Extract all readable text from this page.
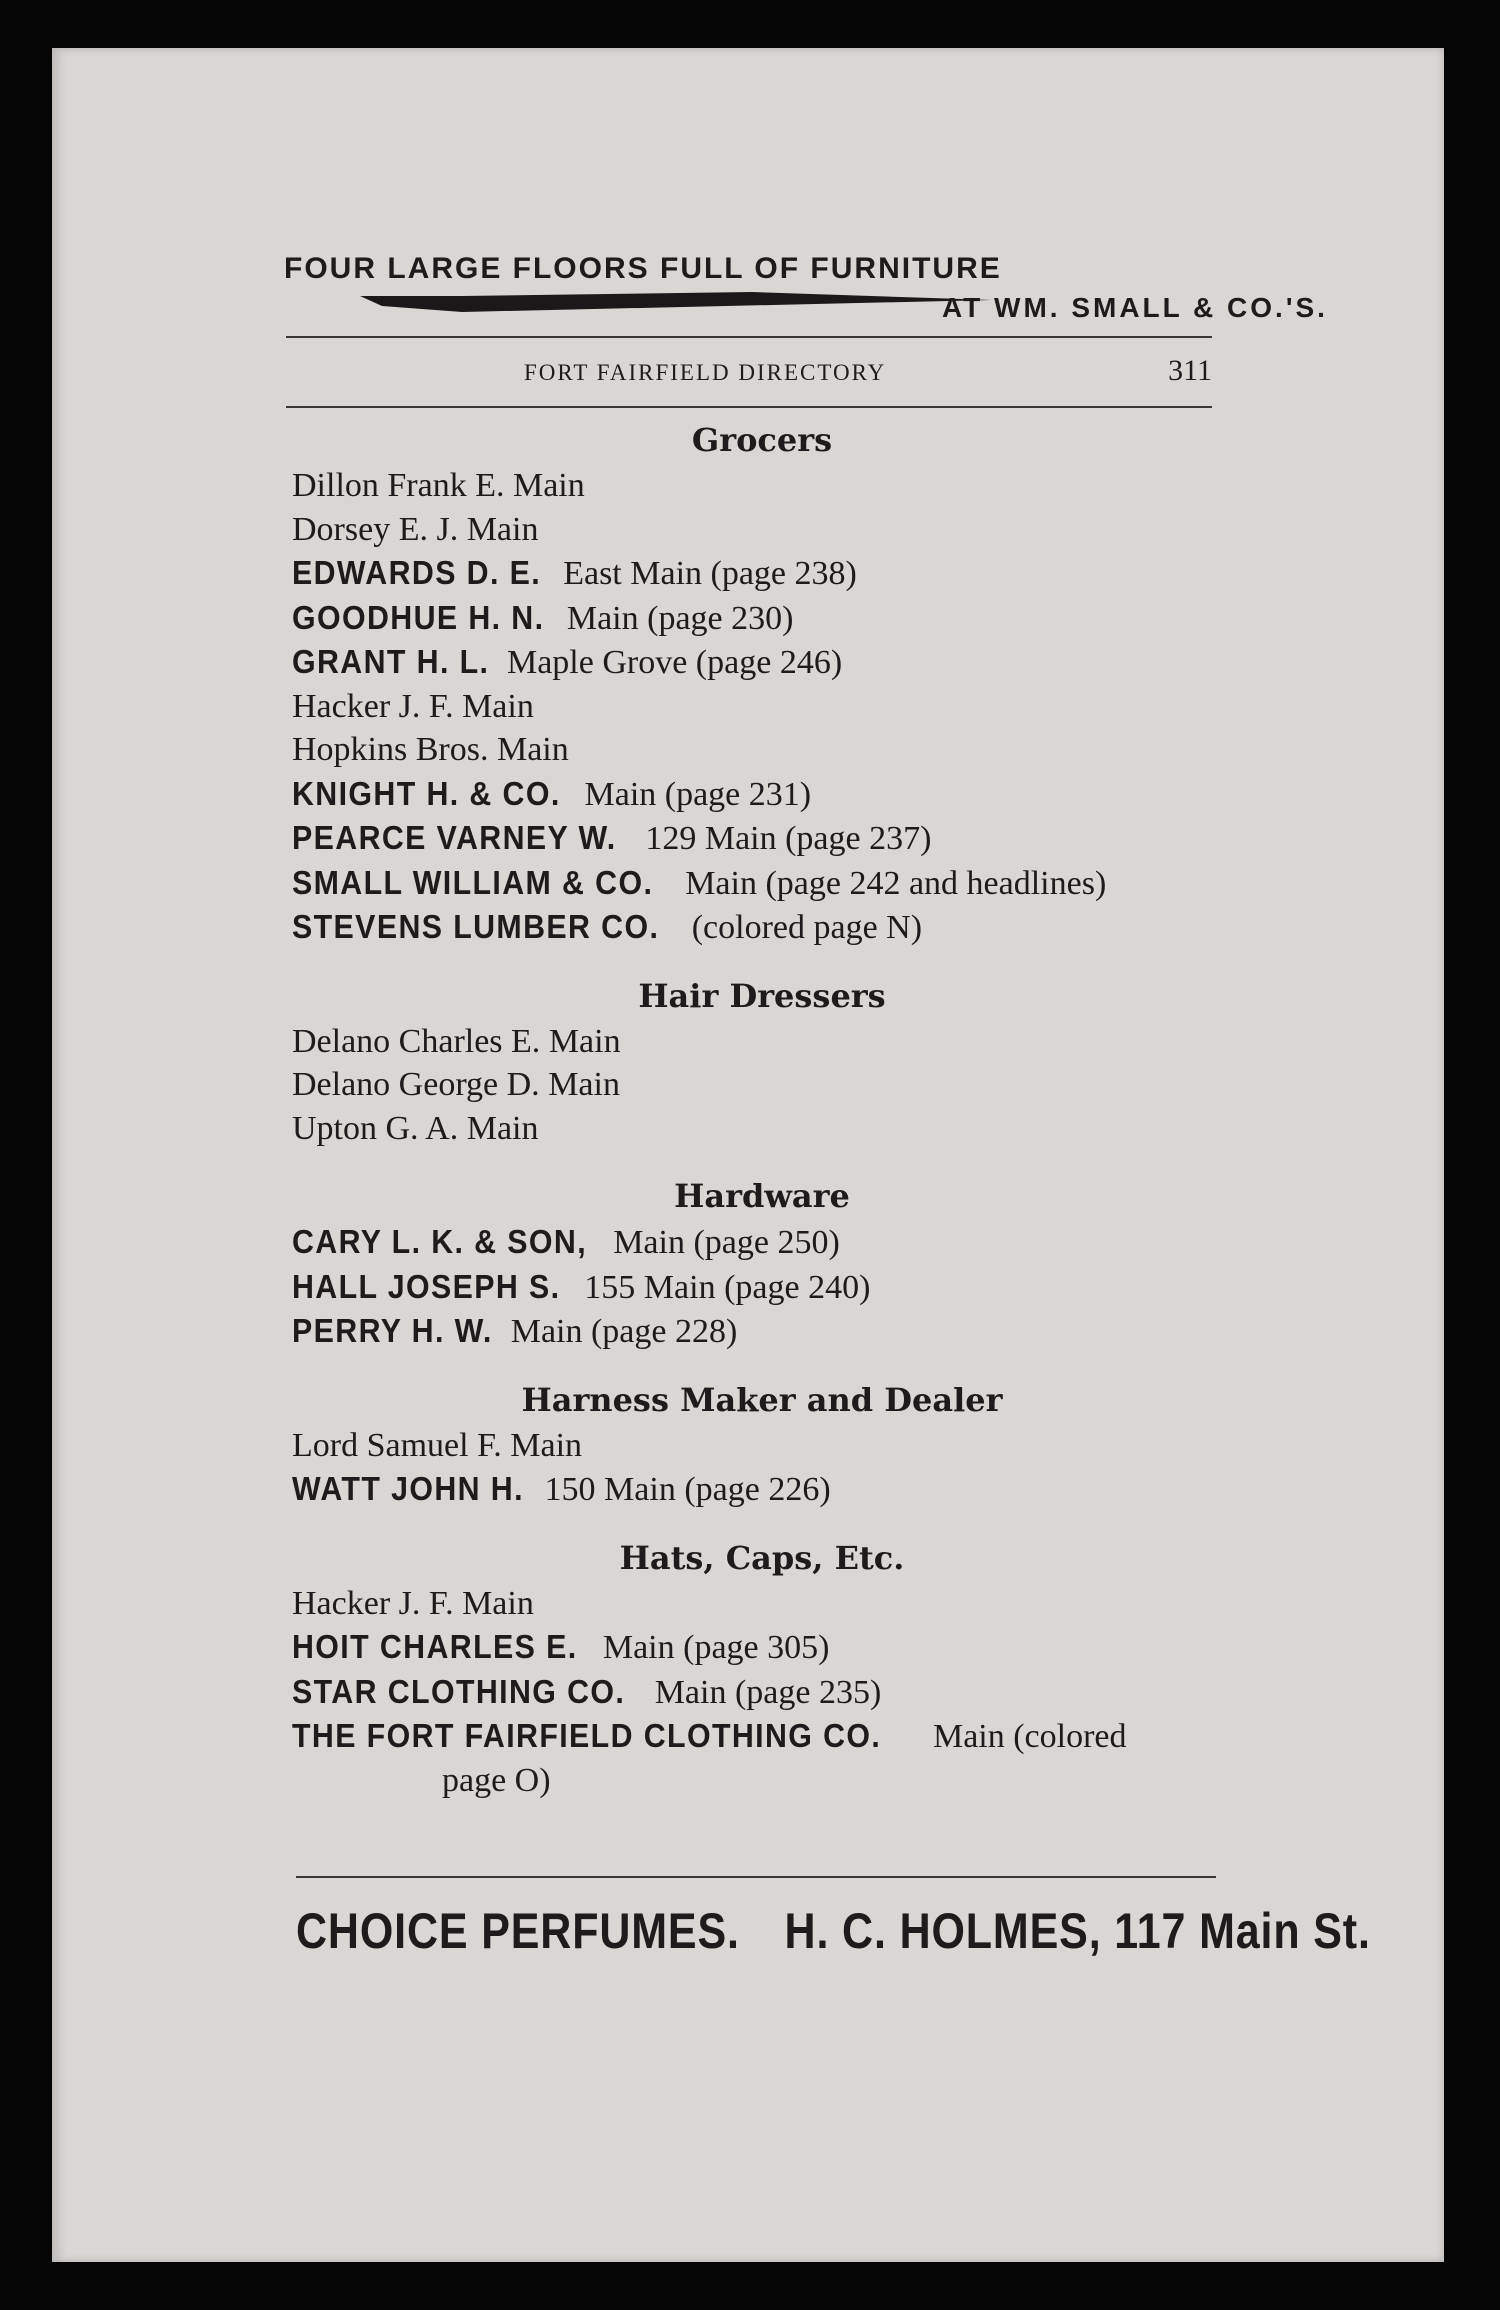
FOUR LARGE FLOORS FULL OF FURNITURE
AT WM. SMALL & CO.'S.
FORT FAIRFIELD DIRECTORY	311
Grocers
Dillon Frank E. Main
Dorsey E. J. Main
EDWARDS D. E. East Main (page 238)
GOODHUE H. N. Main (page 230)
GRANT H. L. Maple Grove (page 246)
Hacker J. F. Main
Hopkins Bros. Main
KNIGHT H. & CO. Main (page 231)
PEARCE VARNEY W. 129 Main (page 237)
SMALL WILLIAM & CO. Main (page 242 and headlines)
STEVENS LUMBER CO. (colored page N)
Hair Dressers
Delano Charles E. Main
Delano George D. Main
Upton G. A. Main
Hardware
CARY L. K. & SON, Main (page 250)
HALL JOSEPH S. 155 Main (page 240)
PERRY H. W. Main (page 228)
Harness Maker and Dealer
Lord Samuel F. Main
WATT JOHN H. 150 Main (page 226)
Hats, Caps, Etc.
Hacker J. F. Main
HOIT CHARLES E. Main (page 305)
STAR CLOTHING CO. Main (page 235)
THE FORT FAIRFIELD CLOTHING CO. Main (colored
page O)
CHOICE PERFUMES. H. C. HOLMES, 117 Main St.
